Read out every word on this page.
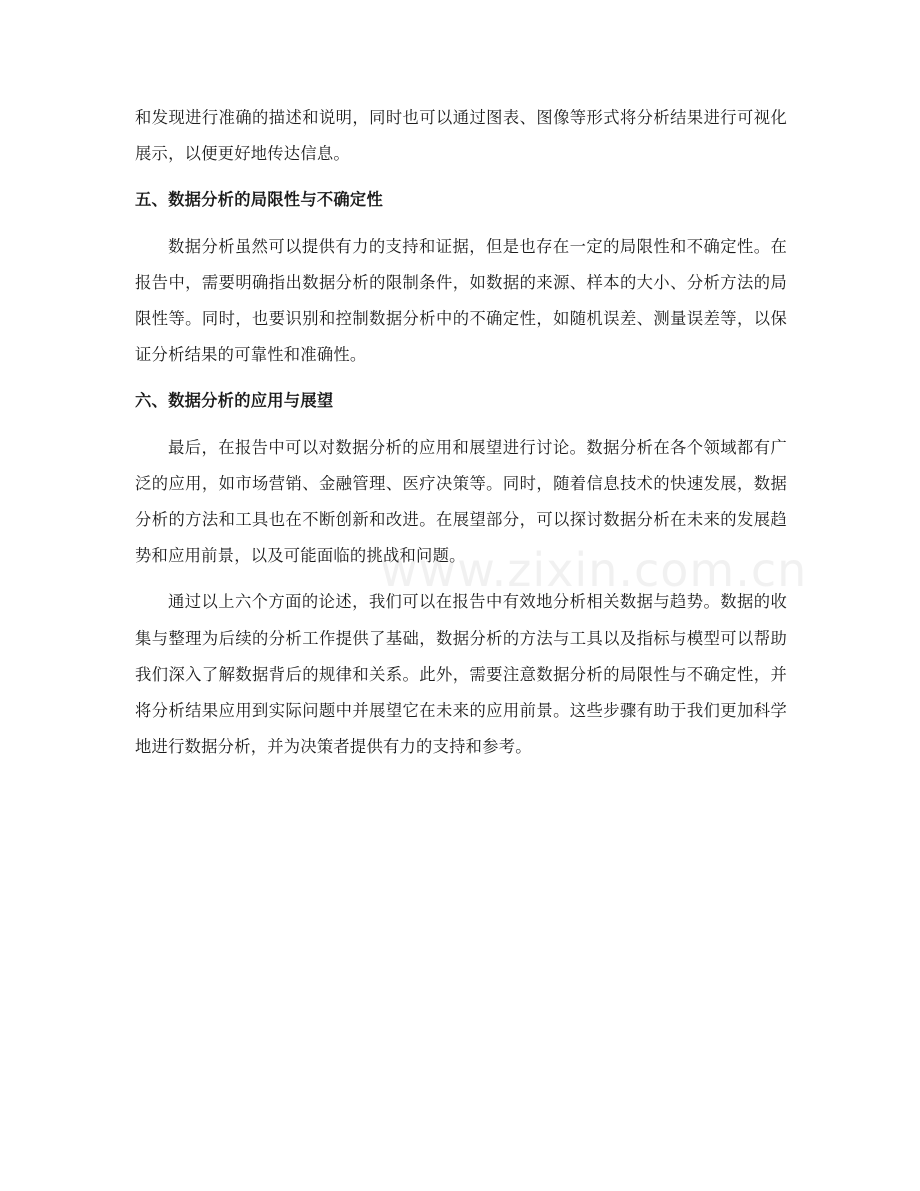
和发现进行准确的描述和说明，同时也可以通过图表、图像等形式将分析结果进行可视化展示，以便更好地传达信息。

五、数据分析的局限性与不确定性

数据分析虽然可以提供有力的支持和证据，但是也存在一定的局限性和不确定性。在报告中，需要明确指出数据分析的限制条件，如数据的来源、样本的大小、分析方法的局限性等。同时，也要识别和控制数据分析中的不确定性，如随机误差、测量误差等，以保证分析结果的可靠性和准确性。

六、数据分析的应用与展望

最后，在报告中可以对数据分析的应用和展望进行讨论。数据分析在各个领域都有广泛的应用，如市场营销、金融管理、医疗决策等。同时，随着信息技术的快速发展，数据分析的方法和工具也在不断创新和改进。在展望部分，可以探讨数据分析在未来的发展趋势和应用前景，以及可能面临的挑战和问题。

通过以上六个方面的论述，我们可以在报告中有效地分析相关数据与趋势。数据的收集与整理为后续的分析工作提供了基础，数据分析的方法与工具以及指标与模型可以帮助我们深入了解数据背后的规律和关系。此外，需要注意数据分析的局限性与不确定性，并将分析结果应用到实际问题中并展望它在未来的应用前景。这些步骤有助于我们更加科学地进行数据分析，并为决策者提供有力的支持和参考。

www.zixin.com.cn
